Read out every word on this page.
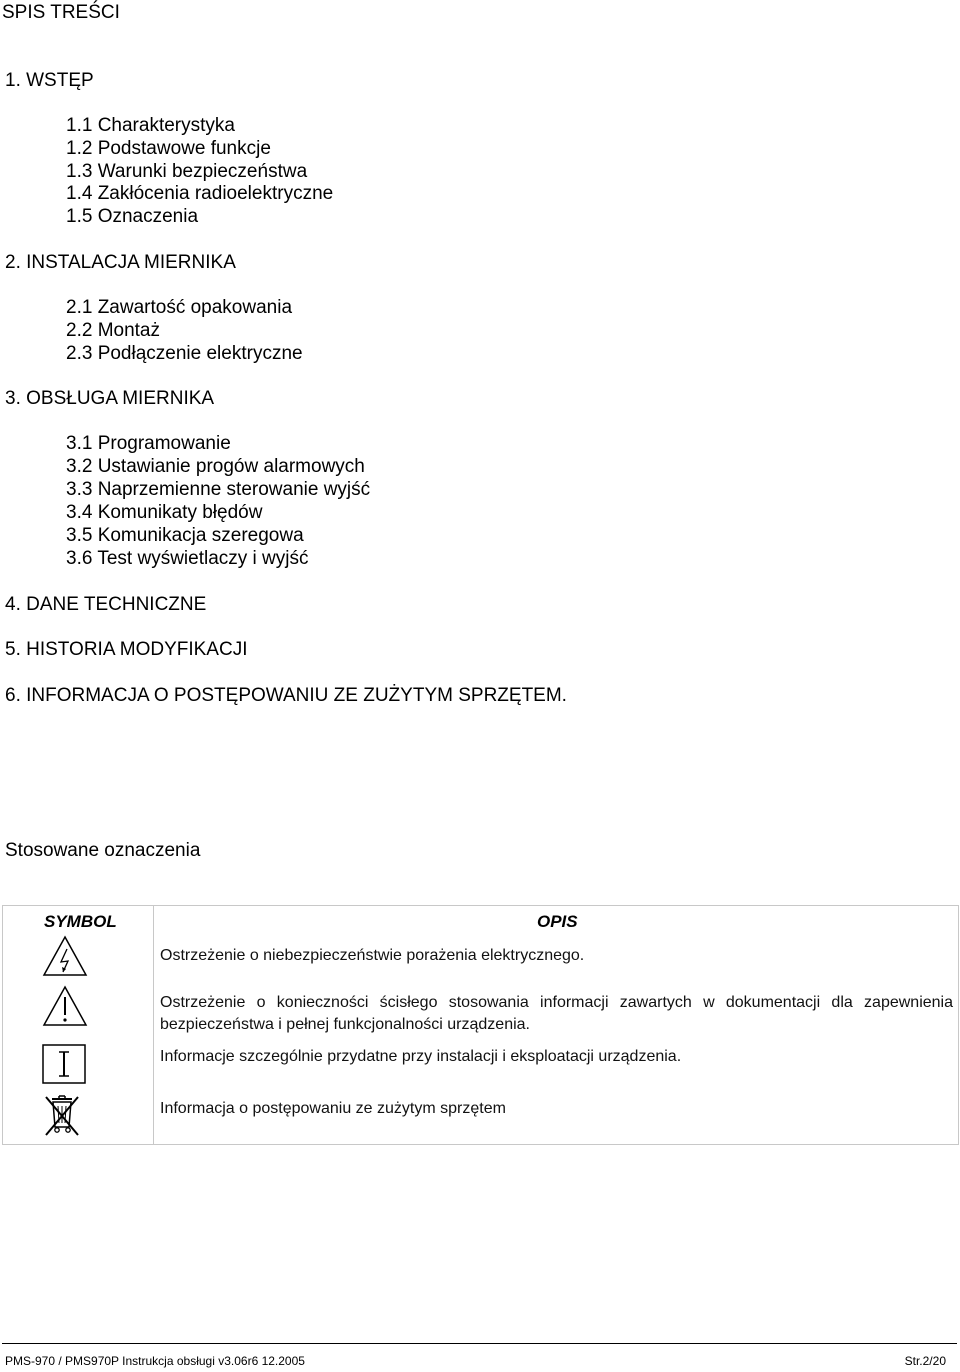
SPIS TREŚCI
1. WSTĘP
1.1 Charakterystyka
1.2 Podstawowe funkcje
1.3 Warunki bezpieczeństwa
1.4 Zakłócenia radioelektryczne
1.5 Oznaczenia
2. INSTALACJA MIERNIKA
2.1 Zawartość opakowania
2.2 Montaż
2.3 Podłączenie elektryczne
3. OBSŁUGA MIERNIKA
3.1 Programowanie
3.2 Ustawianie progów alarmowych
3.3 Naprzemienne sterowanie wyjść
3.4 Komunikaty błędów
3.5 Komunikacja szeregowa
3.6 Test wyświetlaczy i wyjść
4. DANE TECHNICZNE
5. HISTORIA MODYFIKACJI
6. INFORMACJA O POSTĘPOWANIU ZE ZUŻYTYM SPRZĘTEM.
Stosowane oznaczenia

SYMBOL	OPIS
Ostrzeżenie o niebezpieczeństwie porażenia elektrycznego.
Ostrzeżenie o konieczności ścisłego stosowania informacji zawartych w dokumentacji dla zapewnienia bezpieczeństwa i pełnej funkcjonalności urządzenia.
Informacje szczególnie przydatne przy instalacji i eksploatacji urządzenia.
Informacja o postępowaniu ze zużytym sprzętem
PMS-970 / PMS970P Instrukcja obsługi v3.06r6 12.2005	Str.2/20
